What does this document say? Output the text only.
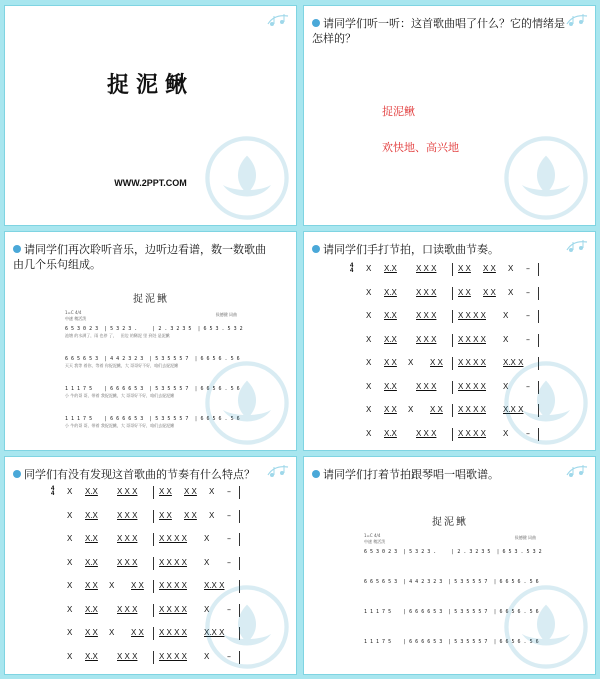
捉泥鳅
WWW.2PPT.COM
请同学们听一听：这首歌曲唱了什么？它的情绪是怎样的？
捉泥鳅
欢快地、高兴地
请同学们再次聆听音乐，边听边看谱，数一数歌曲由几个乐句组成。
捉泥鳅
1=C 4/4
中速 稍活泼
侯德健 词曲
6 5 3 0 2 3  | 5 3 2 3 .     | 2 . 3 2 3 5  | 6 5 3 . 5 3 2
池塘 的水满了，雨 也停 了，   田边 的稀泥 里 到处 是泥鳅
6 6 5 6 5 3  | 4 4 2 3 2 3  | 5 3 5 5 5 7  | 6 6 5 6 . 5 6
天天 我等 着你，等着 你捉泥鳅，大 哥哥好不好，咱们去捉泥鳅
1 1 1 7 5    | 6 6 6 6 5 3  | 5 3 5 5 5 7  | 6 6 5 6 . 5 6
小 牛的哥 哥，带着 我捉泥鳅，大 哥哥好不好，咱们去捉泥鳅
1 1 1 7 5    | 6 6 6 6 5 3  | 5 3 5 5 5 7  | 6 6 5 6 . 5 6
小 牛的哥 哥，带着 我捉泥鳅，大 哥哥好不好，咱们去捉泥鳅
请同学们手打节拍，口读歌曲节奏。
4
4 X X.X X X X	X X X X X –
X X.X X X X	X X X X X –
X X.X X X X	X X X X X –
X X.X X X X	X X X X X –
X X X X X X X X X X X.X X
X X.X X X X	X X X X X –
X X X X X X X X X X X.X X
X X.X X X X	X X X X X –
同学们有没有发现这首歌曲的节奏有什么特点？
4
4 X X.X X X X	X X X X X –
X X.X X X X	X X X X X –
X X.X X X X	X X X X X –
X X.X X X X	X X X X X –
X X X X X X X X X X X.X X
X X.X X X X	X X X X X –
X X X X X X X X X X X.X X
X X.X X X X	X X X X X –
请同学们打着节拍跟琴唱一唱歌谱。
捉泥鳅
1=C 4/4
中速 稍活泼
侯德健 词曲
6 5 3 0 2 3  | 5 3 2 3 .     | 2 . 3 2 3 5  | 6 5 3 . 5 3 2
6 6 5 6 5 3  | 4 4 2 3 2 3  | 5 3 5 5 5 7  | 6 6 5 6 . 5 6
1 1 1 7 5    | 6 6 6 6 5 3  | 5 3 5 5 5 7  | 6 6 5 6 . 5 6
1 1 1 7 5    | 6 6 6 6 5 3  | 5 3 5 5 5 7  | 6 6 5 6 . 5 6
